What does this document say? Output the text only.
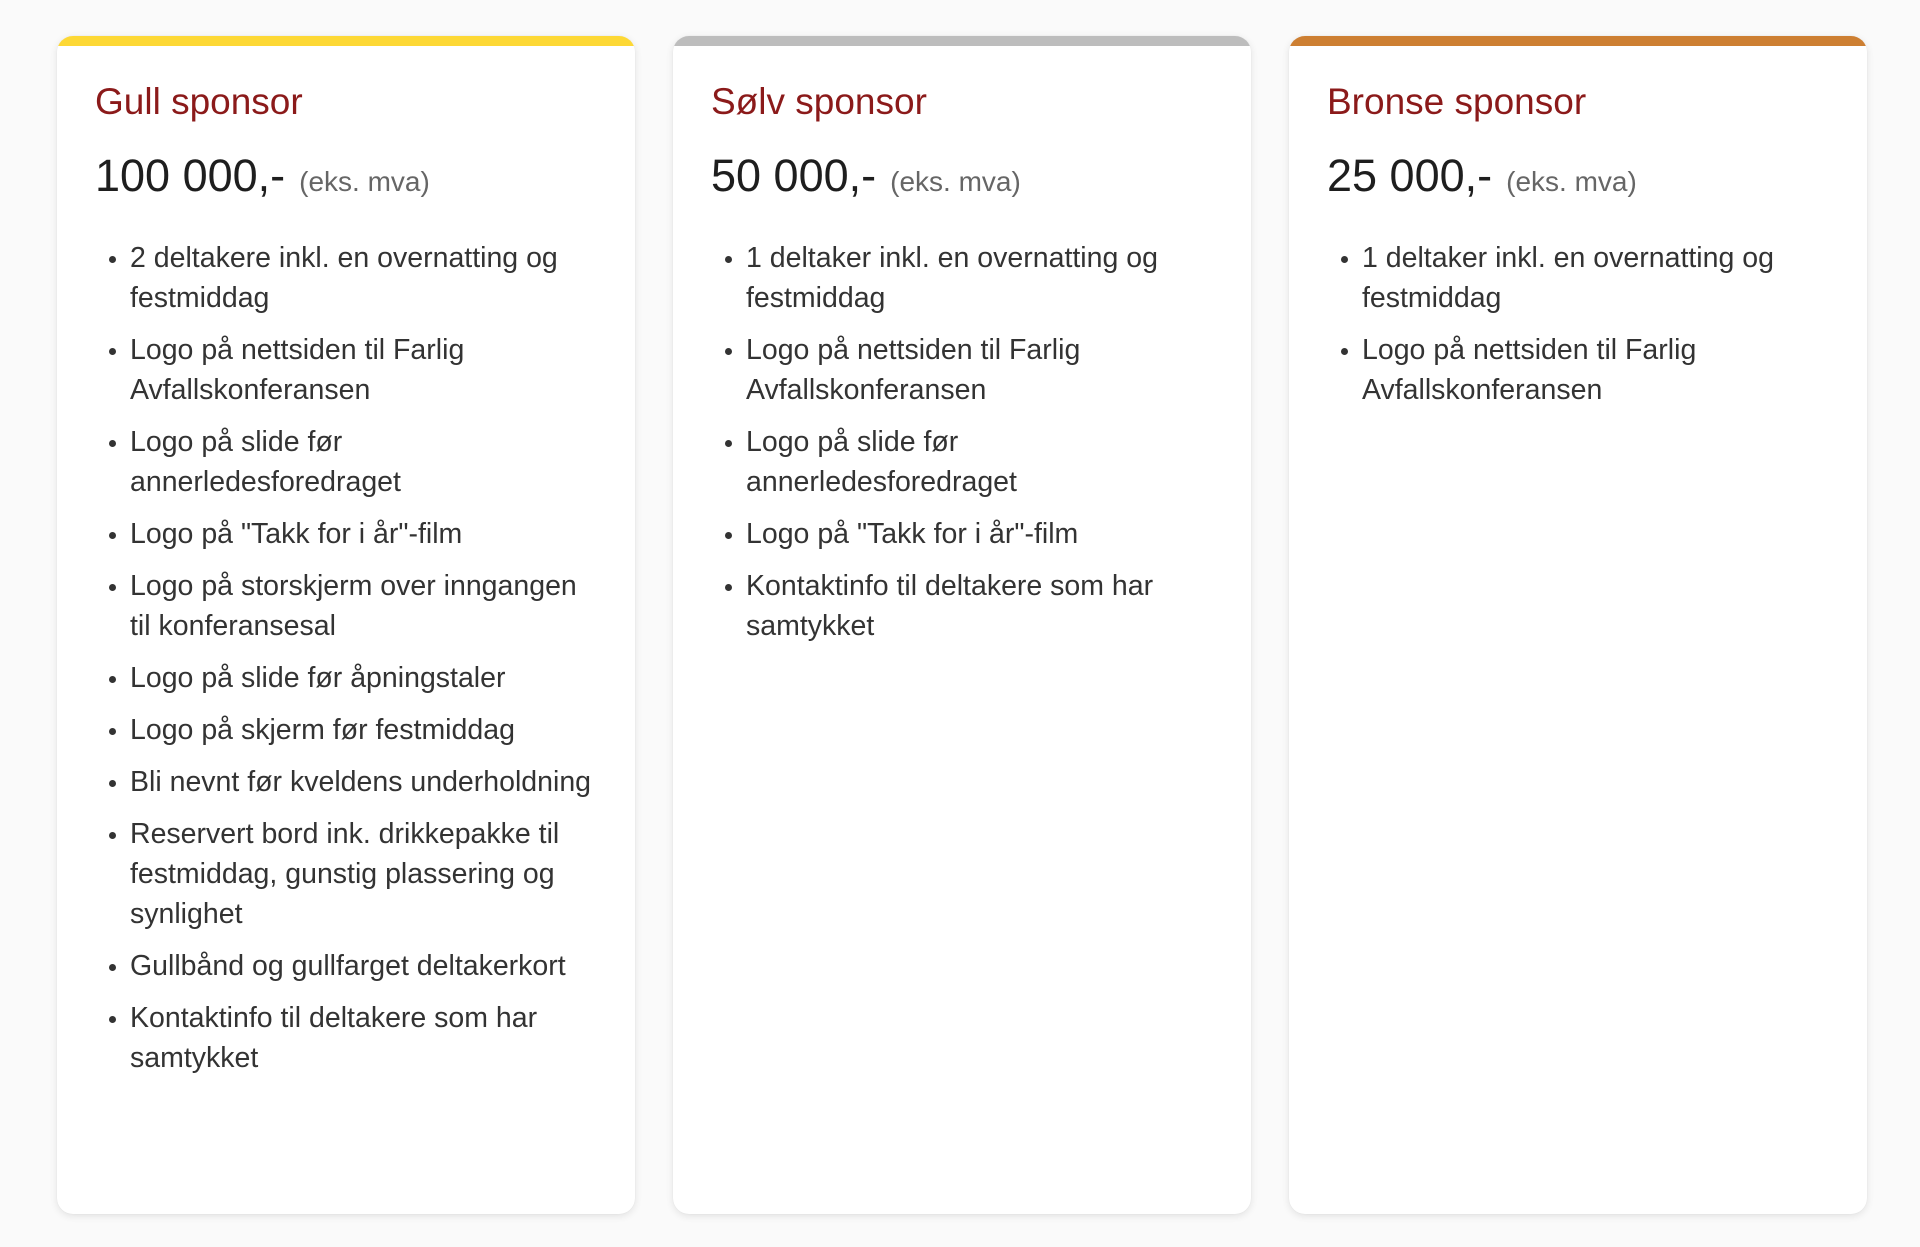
Gull sponsor
100 000,- (eks. mva)
• 2 deltakere inkl. en overnatting og festmiddag
• Logo på nettsiden til Farlig Avfallskonferansen
• Logo på slide før annerledesforedraget
• Logo på "Takk for i år"-film
• Logo på storskjerm over inngangen
til konferansesal
• Logo på slide før åpningstaler
• Logo på skjerm før festmiddag
• Bli nevnt før kveldens underholdning
• Reservert bord ink. drikkepakke til festmiddag, gunstig plassering og synlighet
• Gullbånd og gullfarget deltakerkort
• Kontaktinfo til deltakere som har samtykket
Sølv sponsor
50 000,- (eks. mva)
• 1 deltaker inkl. en overnatting og festmiddag
• Logo på nettsiden til Farlig Avfallskonferansen
• Logo på slide før annerledesforedraget
• Logo på "Takk for i år"-film
• Kontaktinfo til deltakere som har samtykket
Bronse sponsor
25 000,- (eks. mva)
• 1 deltaker inkl. en overnatting og festmiddag
• Logo på nettsiden til Farlig Avfallskonferansen
